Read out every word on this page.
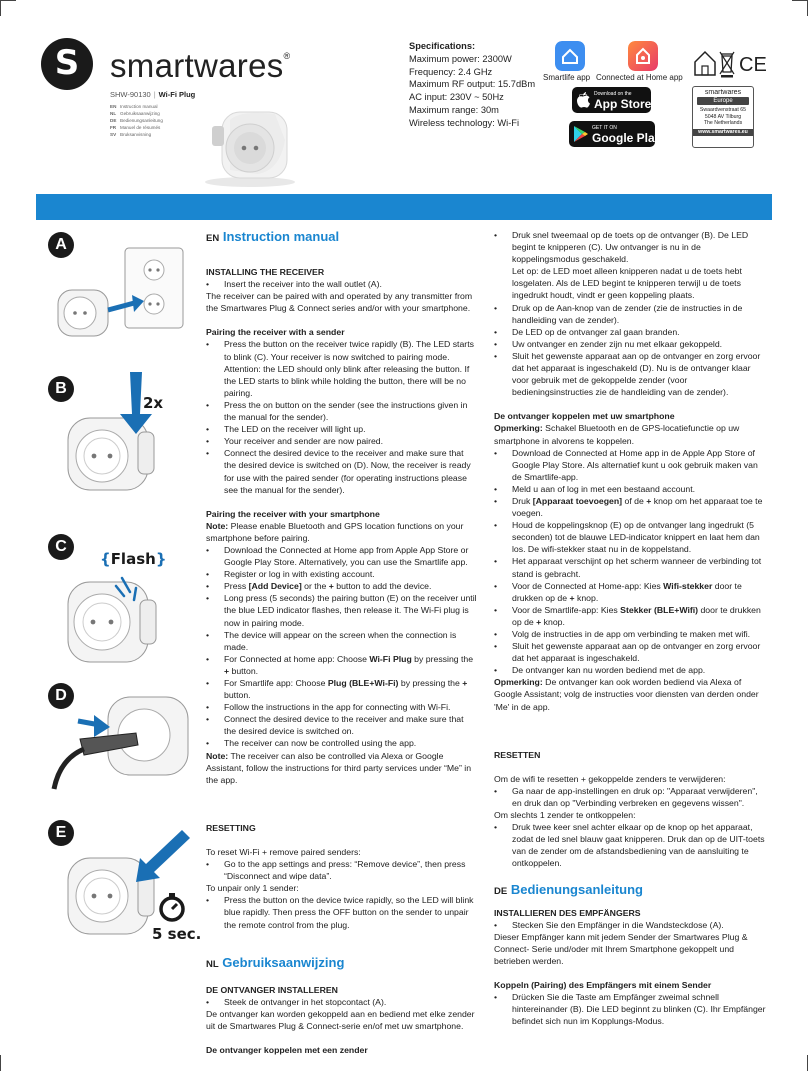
S smartwares®
SHW-90130 | Wi-Fi Plug
EN Instruction manual
NL Gebruiksaanwijzing
DE Bedienungsanleitung
FR Manuel de résumés
SV Bruksanvisning
Specifications:
Maximum power: 2300W
Frequency: 2.4 GHz
Maximum RF output: 15.7dBm
AC input: 230V ~ 50Hz
Maximum range: 30m
Wireless technology: Wi-Fi
Smartlife app Connected at Home app
Download on the
App Store
GET IT ON
Google Play
CE
smartwares
Europe
Swaardvenstraat 65
5048 AV Tilburg
The Netherlands
www.smartwares.eu
A
B
2x
C
{Flash}
D
E
5 sec.
EN Instruction manual

INSTALLING THE RECEIVER

• Insert the receiver into the wall outlet (A).

The receiver can be paired with and operated by any transmitter from the Smartwares Plug & Connect series and/or with your smartphone.

Pairing the receiver with a sender

• Press the button on the receiver twice rapidly (B). The LED starts to blink (C). Your receiver is now switched to pairing mode. Attention: the LED should only blink after releasing the button. If the LED starts to blink while holding the button, there will be no pairing.

• Press the on button on the sender (see the instructions given in the manual for the sender).

• The LED on the receiver will light up.

• Your receiver and sender are now paired.

• Connect the desired device to the receiver and make sure that the desired device is switched on (D). Now, the receiver is ready for use with the paired sender (for operating instructions please see the manual for the sender).

Pairing the receiver with your smartphone

Note: Please enable Bluetooth and GPS location functions on your smartphone before pairing.

• Download the Connected at Home app from Apple App Store or Google Play Store. Alternatively, you can use the Smartlife app.

• Register or log in with existing account.

• Press [Add Device] or the + button to add the device.

• Long press (5 seconds) the pairing button (E) on the receiver until the blue LED indicator flashes, then release it. The Wi-Fi plug is now in pairing mode.

• The device will appear on the screen when the connection is made.

• For Connected at home app: Choose Wi-Fi Plug by pressing the + button.

• For Smartlife app: Choose Plug (BLE+Wi-Fi) by pressing the + button.

• Follow the instructions in the app for connecting with Wi-Fi.

• Connect the desired device to the receiver and make sure that the desired device is switched on.

• The receiver can now be controlled using the app.

Note: The receiver can also be controlled via Alexa or Google Assistant, follow the instructions for third party services under “Me” in the app.

RESETTING

To reset Wi-Fi + remove paired senders:

• Go to the app settings and press: “Remove device”, then press “Disconnect and wipe data”.

To unpair only 1 sender:

• Press the button on the device twice rapidly, so the LED will blink blue rapidly. Then press the OFF button on the sender to unpair the remote control from the plug.

NL Gebruiksaanwijzing

DE ONTVANGER INSTALLEREN

• Steek de ontvanger in het stopcontact (A).

De ontvanger kan worden gekoppeld aan en bediend met elke zender uit de Smartwares Plug & Connect-serie en/of met uw smartphone.

De ontvanger koppelen met een zender

• Druk snel tweemaal op de toets op de ontvanger (B). De LED begint te knipperen (C). Uw ontvanger is nu in de koppelingsmodus geschakeld.

Let op: de LED moet alleen knipperen nadat u de toets hebt losgelaten. Als de LED begint te knipperen terwijl u de toets ingedrukt houdt, vindt er geen koppeling plaats.

• Druk op de Aan-knop van de zender (zie de instructies in de handleiding van de zender).

• De LED op de ontvanger zal gaan branden.

• Uw ontvanger en zender zijn nu met elkaar gekoppeld.

• Sluit het gewenste apparaat aan op de ontvanger en zorg ervoor dat het apparaat is ingeschakeld (D). Nu is de ontvanger klaar voor gebruik met de gekoppelde zender (voor bedieningsinstructies zie de handleiding van de zender).

De ontvanger koppelen met uw smartphone

Opmerking: Schakel Bluetooth en de GPS-locatiefunctie op uw smartphone in alvorens te koppelen.

• Download de Connected at Home app in de Apple App Store of Google Play Store. Als alternatief kunt u ook gebruik maken van de Smartlife-app.

• Meld u aan of log in met een bestaand account.

• Druk [Apparaat toevoegen] of de + knop om het apparaat toe te voegen.

• Houd de koppelingsknop (E) op de ontvanger lang ingedrukt (5 seconden) tot de blauwe LED-indicator knippert en laat hem dan los. De wifi-stekker staat nu in de koppelstand.

• Het apparaat verschijnt op het scherm wanneer de verbinding tot stand is gebracht.

• Voor de Connected at Home-app: Kies Wifi-stekker door te drukken op de + knop.

• Voor de Smartlife-app: Kies Stekker (BLE+Wifi) door te drukken op de + knop.

• Volg de instructies in de app om verbinding te maken met wifi.

• Sluit het gewenste apparaat aan op de ontvanger en zorg ervoor dat het apparaat is ingeschakeld.

• De ontvanger kan nu worden bediend met de app.

Opmerking: De ontvanger kan ook worden bediend via Alexa of Google Assistant; volg de instructies voor diensten van derden onder 'Me' in de app.

RESETTEN

Om de wifi te resetten + gekoppelde zenders te verwijderen:

• Ga naar de app-instellingen en druk op: "Apparaat verwijderen", en druk dan op "Verbinding verbreken en gegevens wissen".

Om slechts 1 zender te ontkoppelen:

• Druk twee keer snel achter elkaar op de knop op het apparaat, zodat de led snel blauw gaat knipperen. Druk dan op de UIT-toets van de zender om de afstandsbediening van de aansluiting te ontkoppelen.

DE Bedienungsanleitung

INSTALLIEREN DES EMPFÄNGERS

• Stecken Sie den Empfänger in die Wandsteckdose (A).

Dieser Empfänger kann mit jedem Sender der Smartwares Plug & Connect- Serie und/oder mit Ihrem Smartphone gekoppelt und betrieben werden.

Koppeln (Pairing) des Empfängers mit einem Sender

• Drücken Sie die Taste am Empfänger zweimal schnell hintereinander (B). Die LED beginnt zu blinken (C). Ihr Empfänger befindet sich nun im Kopplungs-Modus.
